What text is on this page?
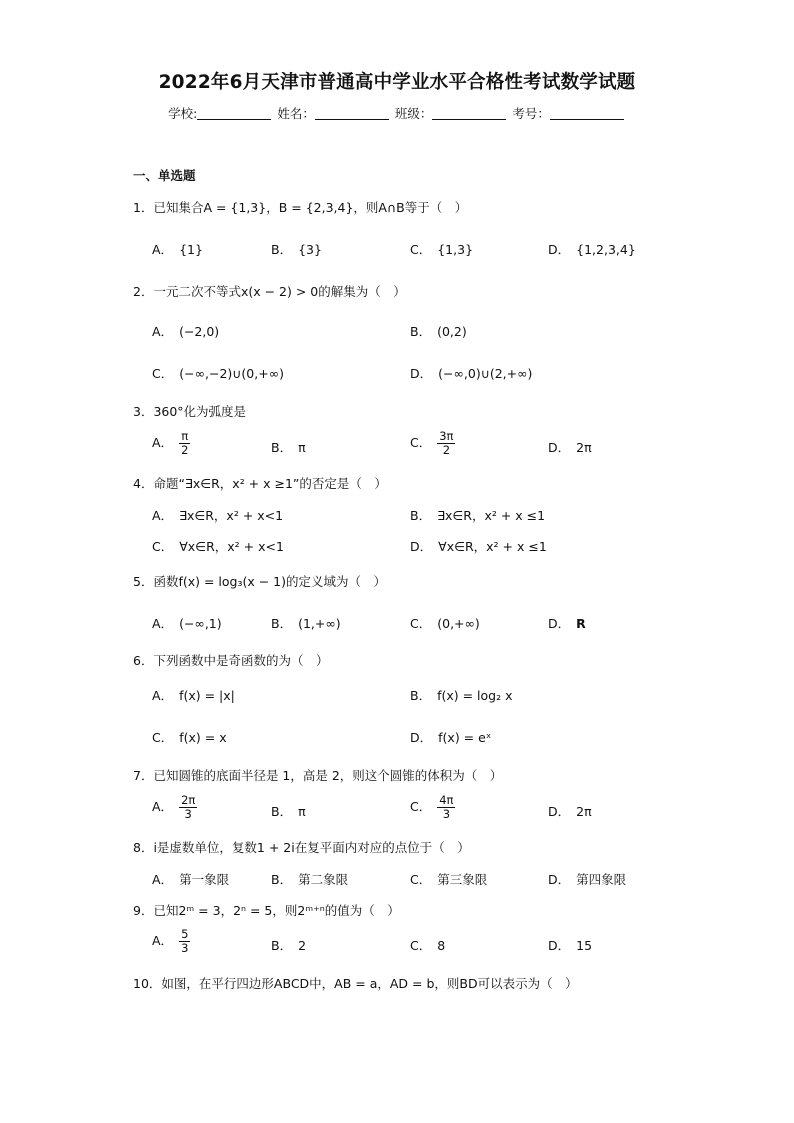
2022年6月天津市普通高中学业水平合格性考试数学试题
学校:	姓名：	班级：	考号：
一、单选题
1．已知集合A = {1,3}，B = {2,3,4}，则A∩B等于（　）
A． {1}	B． {3}	C． {1,3}	D． {1,2,3,4}
2．一元二次不等式x(x − 2) > 0的解集为（　）
A． (−2,0)	B． (0,2)
C． (−∞,−2)∪(0,+∞)	D． (−∞,0)∪(2,+∞)
3．360°化为弧度是
A． $\frac{\pi}{2}$	B． π	C． $\frac{3\pi}{2}$	D． 2π
4．命题“∃x∈R，x² + x ≥1”的否定是（　）
A． ∃x∈R，x² + x<1	B． ∃x∈R，x² + x ≤1
C． ∀x∈R，x² + x<1	D． ∀x∈R，x² + x ≤1
5．函数f(x) = log₃(x − 1)的定义域为（　）
A． (−∞,1)	B． (1,+∞)	C． (0,+∞)	D． R
6．下列函数中是奇函数的为（　）
A． f(x) = |x|	B． f(x) = log₂ x
C． f(x) = x	D． f(x) = eˣ
7．已知圆锥的底面半径是 1，高是 2，则这个圆锥的体积为（　）
A． $\frac{2\pi}{3}$	B． π	C． $\frac{4\pi}{3}$	D． 2π
8．i是虚数单位，复数1 + 2i在复平面内对应的点位于（　）
A． 第一象限	B． 第二象限	C． 第三象限	D． 第四象限
9．已知2ᵐ = 3，2ⁿ = 5，则2ᵐ⁺ⁿ的值为（　）
A． $\frac{5}{3}$	B． 2	C． 8	D． 15
10．如图，在平行四边形ABCD中，AB = a，AD = b，则BD可以表示为（　）
